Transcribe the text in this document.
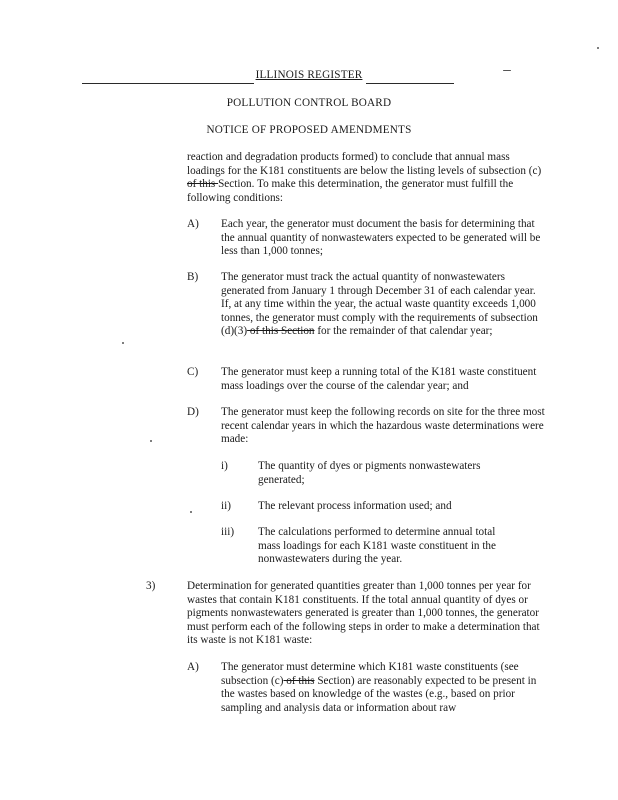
ILLINOIS REGISTER
POLLUTION CONTROL BOARD
NOTICE OF PROPOSED AMENDMENTS

reaction and degradation products formed) to conclude that annual mass loadings for the K181 constituents are below the listing levels of subsection (c) of this Section. To make this determination, the generator must fulfill the following conditions:

A) Each year, the generator must document the basis for determining that the annual quantity of nonwastewaters expected to be generated will be less than 1,000 tonnes;
B) The generator must track the actual quantity of nonwastewaters generated from January 1 through December 31 of each calendar year. If, at any time within the year, the actual waste quantity exceeds 1,000 tonnes, the generator must comply with the requirements of subsection (d)(3) of this Section for the remainder of that calendar year;

C) The generator must keep a running total of the K181 waste constituent mass loadings over the course of the calendar year; and
D) The generator must keep the following records on site for the three most recent calendar years in which the hazardous waste determinations were made:
i)	The quantity of dyes or pigments nonwastewaters generated;
ii) The relevant process information used; and
iii) The calculations performed to determine annual total mass loadings for each K181 waste constituent in the nonwastewaters during the year.
3)	Determination for generated quantities greater than 1,000 tonnes per year for wastes that contain K181 constituents. If the total annual quantity of dyes or pigments nonwastewaters generated is greater than 1,000 tonnes, the generator must perform each of the following steps in order to make a determination that its waste is not K181 waste:
A) The generator must determine which K181 waste constituents (see subsection (c) of this Section) are reasonably expected to be present in the wastes based on knowledge of the wastes (e.g., based on prior sampling and analysis data or information about raw
